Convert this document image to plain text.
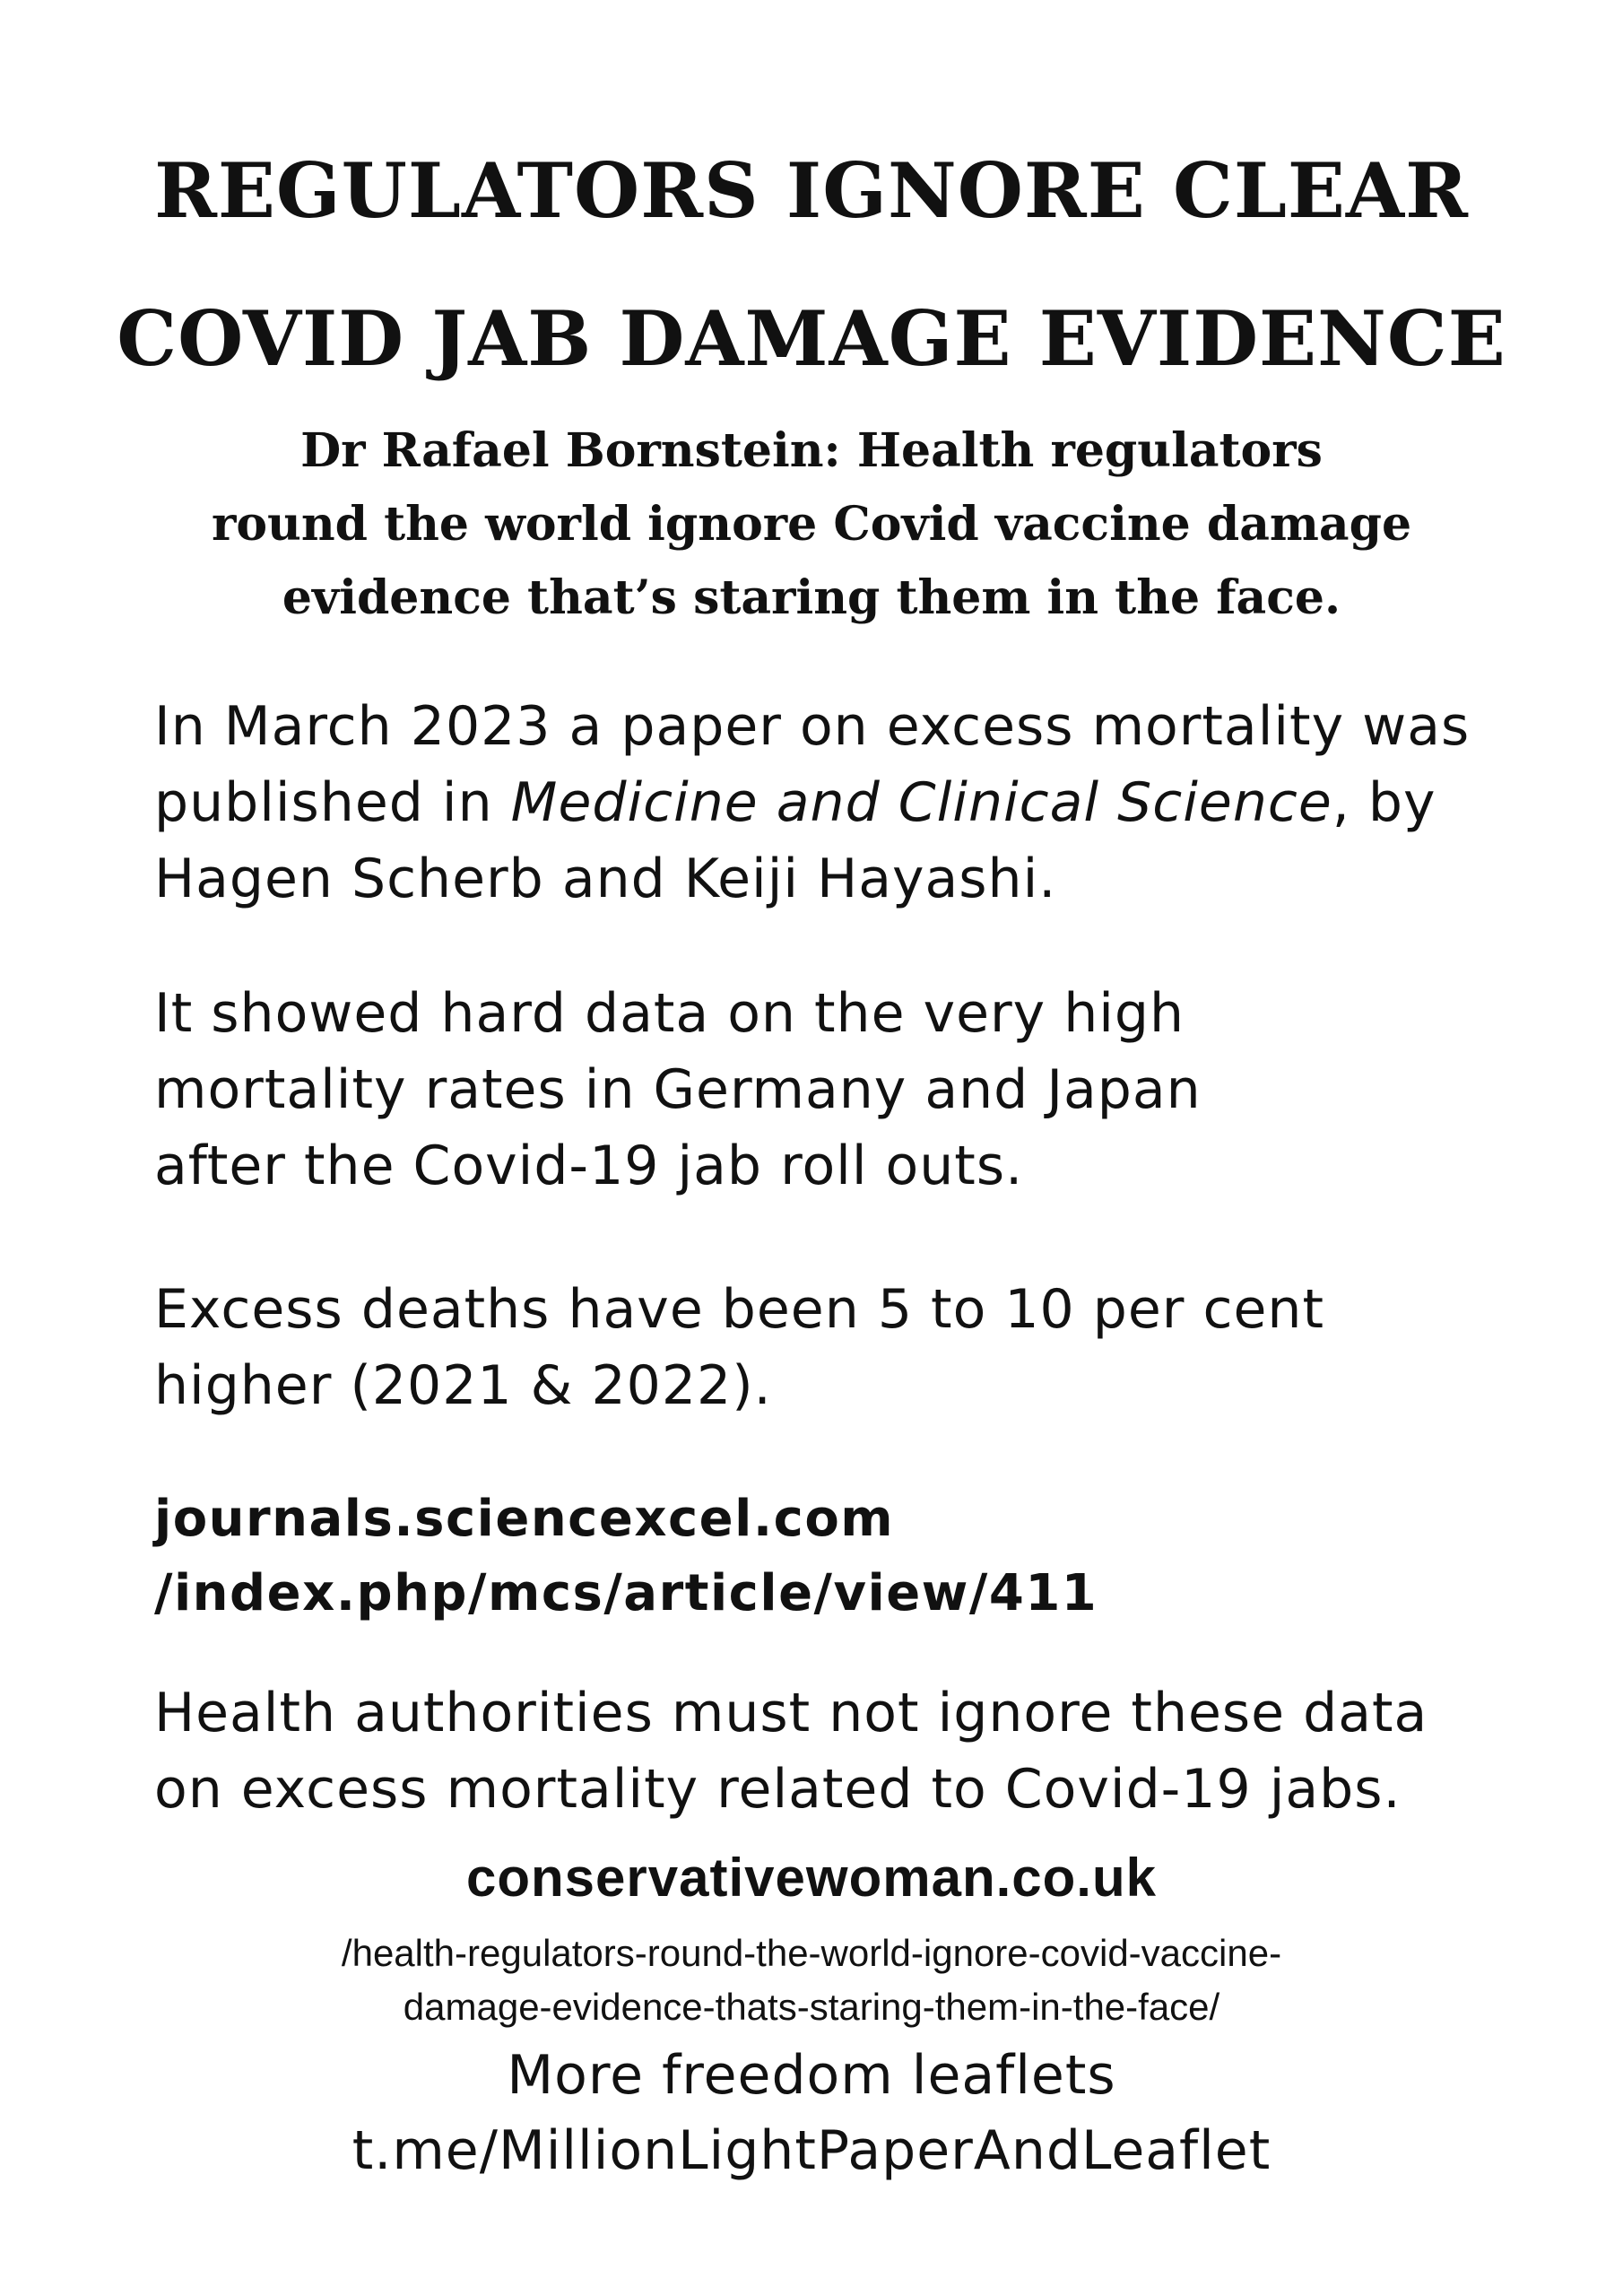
REGULATORS IGNORE CLEAR
COVID JAB DAMAGE EVIDENCE
Dr Rafael Bornstein: Health regulators
round the world ignore Covid vaccine damage
evidence that’s staring them in the face.

In March 2023 a paper on excess mortality was
published in Medicine and Clinical Science, by
Hagen Scherb and Keiji Hayashi.

It showed hard data on the very high
mortality rates in Germany and Japan
after the Covid-19 jab roll outs.

Excess deaths have been 5 to 10 per cent
higher (2021 & 2022).

journals.sciencexcel.com
/index.php/mcs/article/view/411

Health authorities must not ignore these data
on excess mortality related to Covid-19 jabs.

conservativewoman.co.uk

/health-regulators-round-the-world-ignore-covid-vaccine-
damage-evidence-thats-staring-them-in-the-face/

More freedom leaflets
t.me/MillionLightPaperAndLeaflet
